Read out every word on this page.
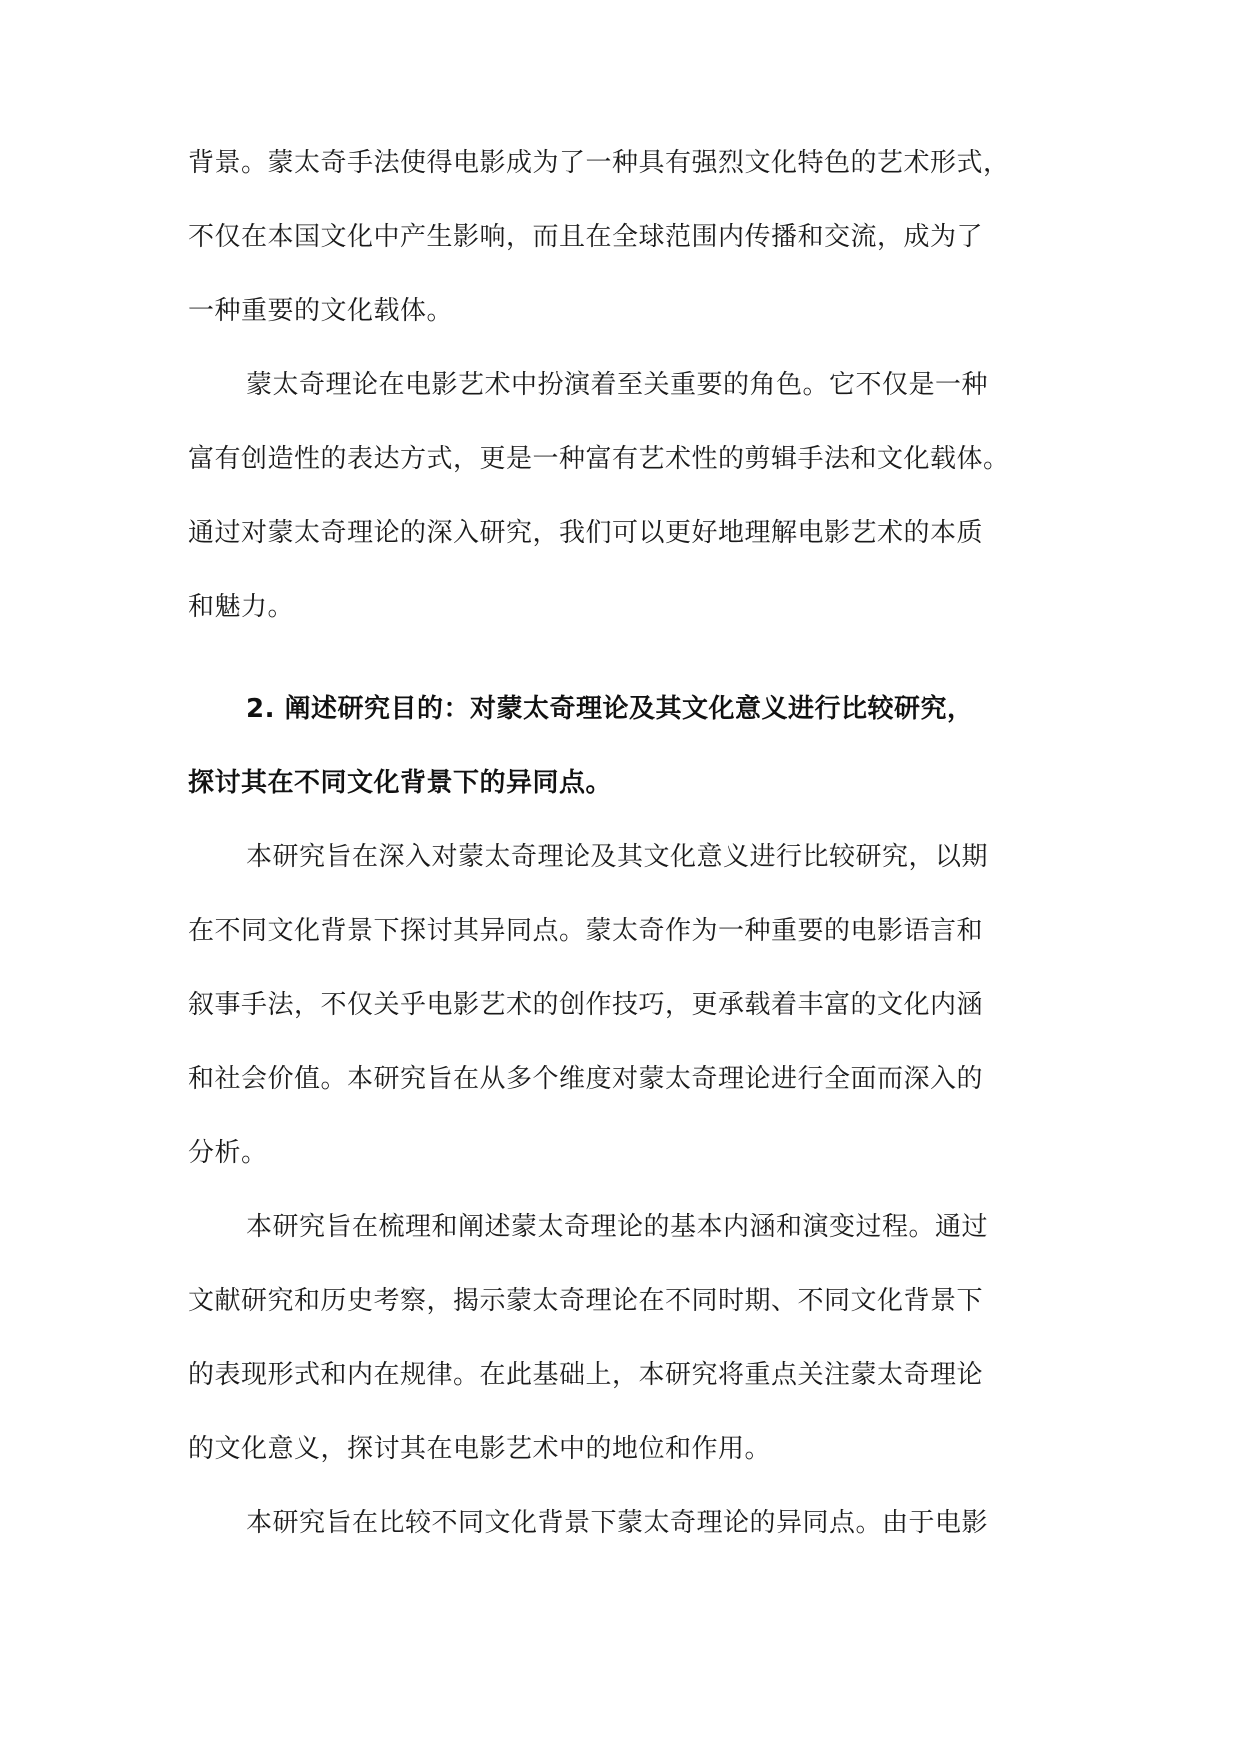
背景。蒙太奇手法使得电影成为了一种具有强烈文化特色的艺术形式，
不仅在本国文化中产生影响，而且在全球范围内传播和交流，成为了
一种重要的文化载体。
蒙太奇理论在电影艺术中扮演着至关重要的角色。它不仅是一种
富有创造性的表达方式，更是一种富有艺术性的剪辑手法和文化载体。
通过对蒙太奇理论的深入研究，我们可以更好地理解电影艺术的本质
和魅力。
2. 阐述研究目的：对蒙太奇理论及其文化意义进行比较研究，
探讨其在不同文化背景下的异同点。
本研究旨在深入对蒙太奇理论及其文化意义进行比较研究，以期
在不同文化背景下探讨其异同点。蒙太奇作为一种重要的电影语言和
叙事手法，不仅关乎电影艺术的创作技巧，更承载着丰富的文化内涵
和社会价值。本研究旨在从多个维度对蒙太奇理论进行全面而深入的
分析。
本研究旨在梳理和阐述蒙太奇理论的基本内涵和演变过程。通过
文献研究和历史考察，揭示蒙太奇理论在不同时期、不同文化背景下
的表现形式和内在规律。在此基础上，本研究将重点关注蒙太奇理论
的文化意义，探讨其在电影艺术中的地位和作用。
本研究旨在比较不同文化背景下蒙太奇理论的异同点。由于电影
